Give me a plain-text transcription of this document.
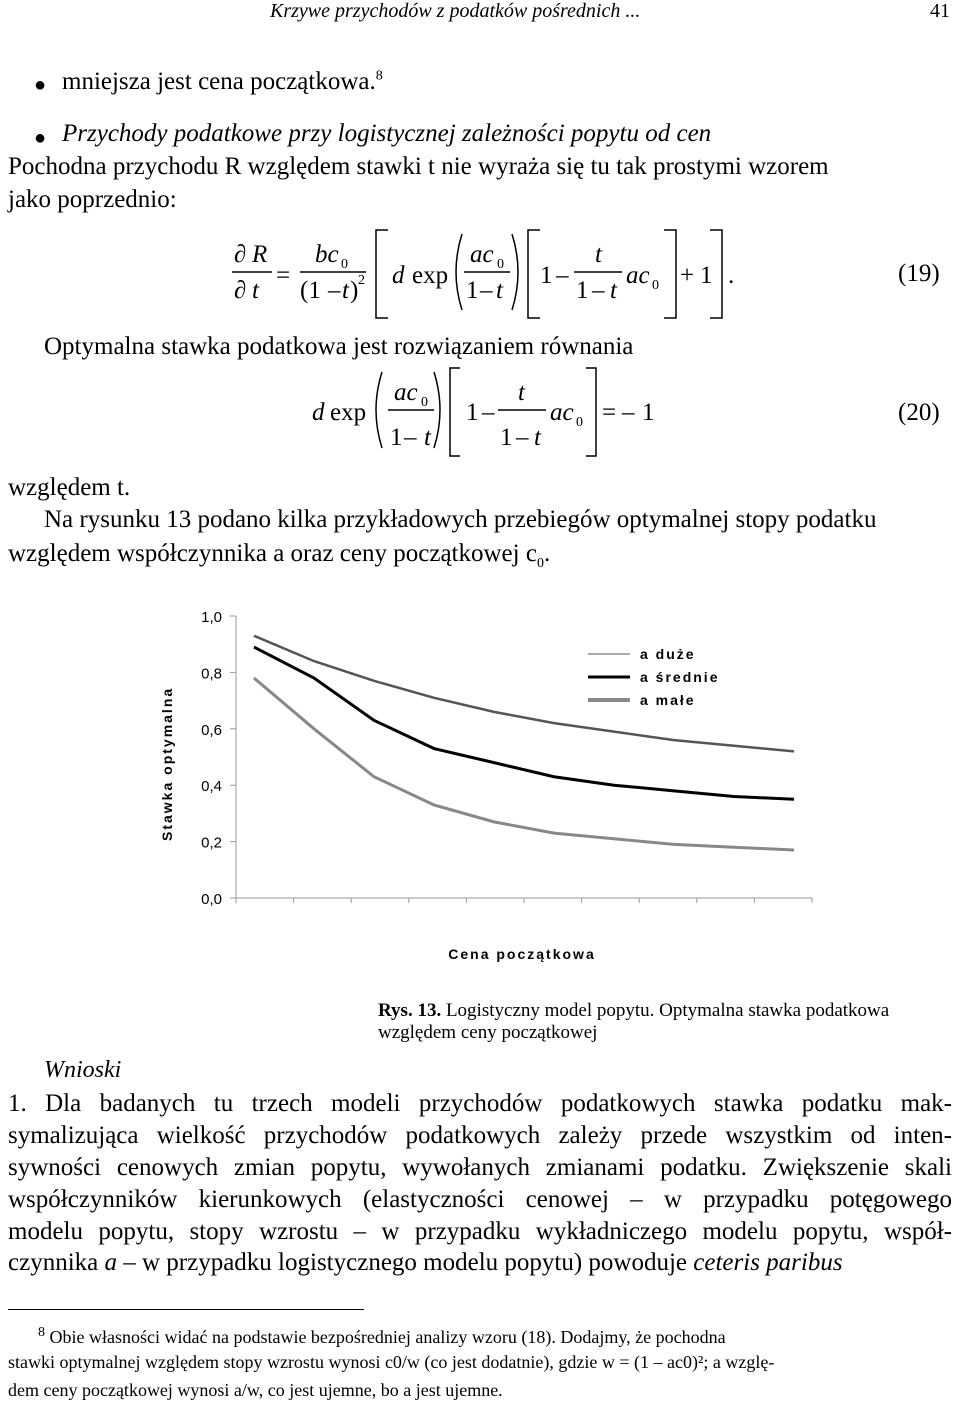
Krzywe przychodów z podatków pośrednich ...	41
● mniejsza jest cena początkowa.$^8$
● Przychody podatkowe przy logistycznej zależności popytu od cen
Pochodna przychodu R względem stawki t nie wyraża się tu tak prostymi wzorem
jako poprzednio:
∂ R
∂ t
=
bc 0
(1 – t ) 2 d exp
ac 0
1 – t
1 –
t
1 – t
ac 0 + 1 .	(19)
Optymalna stawka podatkowa jest rozwiązaniem równania
d exp
ac 0
1 – t
1 –
t
1 – t
ac 0 = – 1	(20)
względem t.
Na rysunku 13 podano kilka przykładowych przebiegów optymalnej stopy podatku
względem współczynnika a oraz ceny początkowej $c_0$.
1,0
0,8
0,6
0,4
0,2
0,0
a duże
a średnie
a małe
Stawka optymalna
Cena początkowa
Rys. 13. Logistyczny model popytu. Optymalna stawka podatkowa względem ceny początkowej
Wnioski
1. Dla badanych tu trzech modeli przychodów podatkowych stawka podatku mak-
symalizująca wielkość przychodów podatkowych zależy przede wszystkim od inten-
sywności cenowych zmian popytu, wywołanych zmianami podatku. Zwiększenie skali
współczynników kierunkowych (elastyczności cenowej – w przypadku potęgowego
modelu popytu, stopy wzrostu – w przypadku wykładniczego modelu popytu, współ-
czynnika a – w przypadku logistycznego modelu popytu) powoduje ceteris paribus
$^8$ Obie własności widać na podstawie bezpośredniej analizy wzoru (18). Dodajmy, że pochodna
stawki optymalnej względem stopy wzrostu wynosi c0/w (co jest dodatnie), gdzie w = (1 – ac0)²; a wzglę-
dem ceny początkowej wynosi a/w, co jest ujemne, bo a jest ujemne.
